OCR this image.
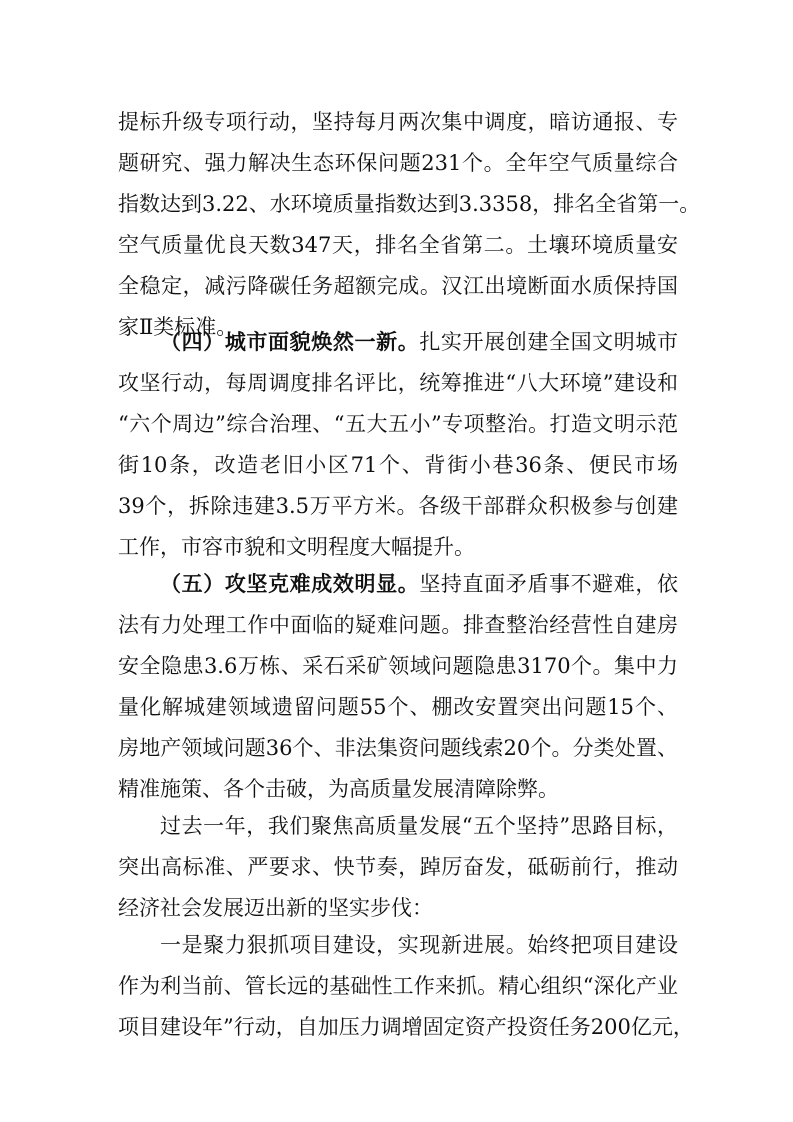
提标升级专项行动，坚持每月两次集中调度，暗访通报、专
题研究、强力解决生态环保问题231个。全年空气质量综合
指数达到3.22、水环境质量指数达到3.3358，排名全省第一。
空气质量优良天数347天，排名全省第二。土壤环境质量安
全稳定，减污降碳任务超额完成。汉江出境断面水质保持国
家Ⅱ类标准。
（四）城市面貌焕然一新。扎实开展创建全国文明城市
攻坚行动，每周调度排名评比，统筹推进“八大环境”建设和
“六个周边”综合治理、“五大五小”专项整治。打造文明示范
街10条，改造老旧小区71个、背街小巷36条、便民市场
39个，拆除违建3.5万平方米。各级干部群众积极参与创建
工作，市容市貌和文明程度大幅提升。
（五）攻坚克难成效明显。坚持直面矛盾事不避难，依
法有力处理工作中面临的疑难问题。排查整治经营性自建房
安全隐患3.6万栋、采石采矿领域问题隐患3170个。集中力
量化解城建领域遗留问题55个、棚改安置突出问题15个、
房地产领域问题36个、非法集资问题线索20个。分类处置、
精准施策、各个击破，为高质量发展清障除弊。
过去一年，我们聚焦高质量发展“五个坚持”思路目标，
突出高标准、严要求、快节奏，踔厉奋发，砥砺前行，推动
经济社会发展迈出新的坚实步伐：
一是聚力狠抓项目建设，实现新进展。始终把项目建设
作为利当前、管长远的基础性工作来抓。精心组织“深化产业
项目建设年”行动，自加压力调增固定资产投资任务200亿元，
